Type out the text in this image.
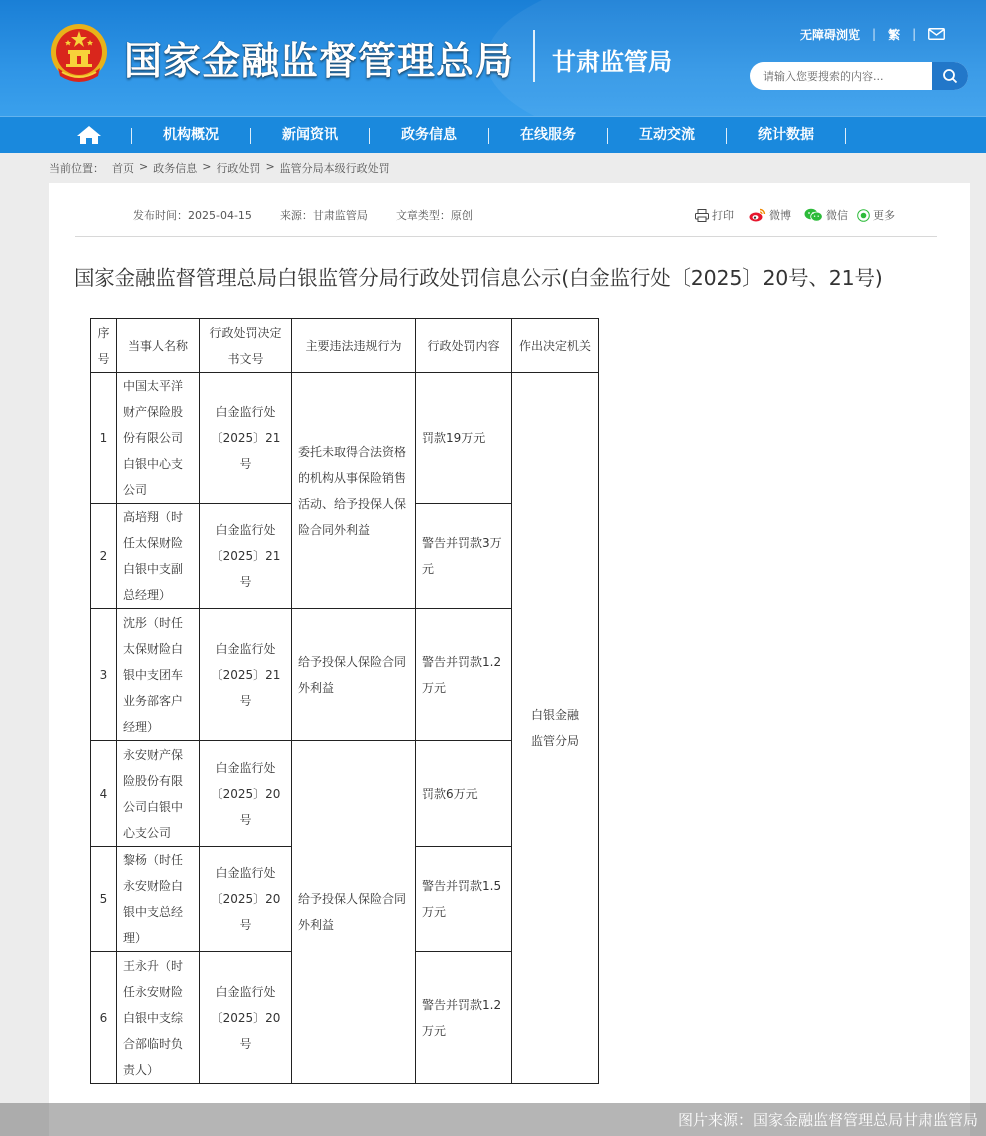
国家金融监督管理总局 甘肃监管局
无障碍浏览 | 繁 |
请输入您要搜索的内容...
机构概况	新闻资讯	政务信息	在线服务	互动交流	统计数据
当前位置： 首页 > 政务信息 > 行政处罚 > 监管分局本级行政处罚
发布时间：2025-04-15	来源：甘肃监管局	文章类型：原创	打印	微博	微信 更多
国家金融监督管理总局白银监管分局行政处罚信息公示(白金监行处〔2025〕20号、21号)
序号	当事人名称	行政处罚决定书文号	主要违法违规行为	行政处罚内容	作出决定机关
1	中国太平洋财产保险股份有限公司白银中心支公司	白金监行处〔2025〕21号	委托未取得合法资格的机构从事保险销售活动、给予投保人保险合同外利益	罚款19万元	白银金融监管分局
2	高培翔（时任太保财险白银中支副总经理）	白金监行处〔2025〕21号		警告并罚款3万元	
3	沈彤（时任太保财险白银中支团车业务部客户经理）	白金监行处〔2025〕21号	给予投保人保险合同外利益	警告并罚款1.2万元	
4	永安财产保险股份有限公司白银中心支公司	白金监行处〔2025〕20号	给予投保人保险合同外利益	罚款6万元	
5	黎杨（时任永安财险白银中支总经理）	白金监行处〔2025〕20号		警告并罚款1.5万元	
6	王永升（时任永安财险白银中支综合部临时负责人）	白金监行处〔2025〕20号		警告并罚款1.2万元	
图片来源：国家金融监督管理总局甘肃监管局
